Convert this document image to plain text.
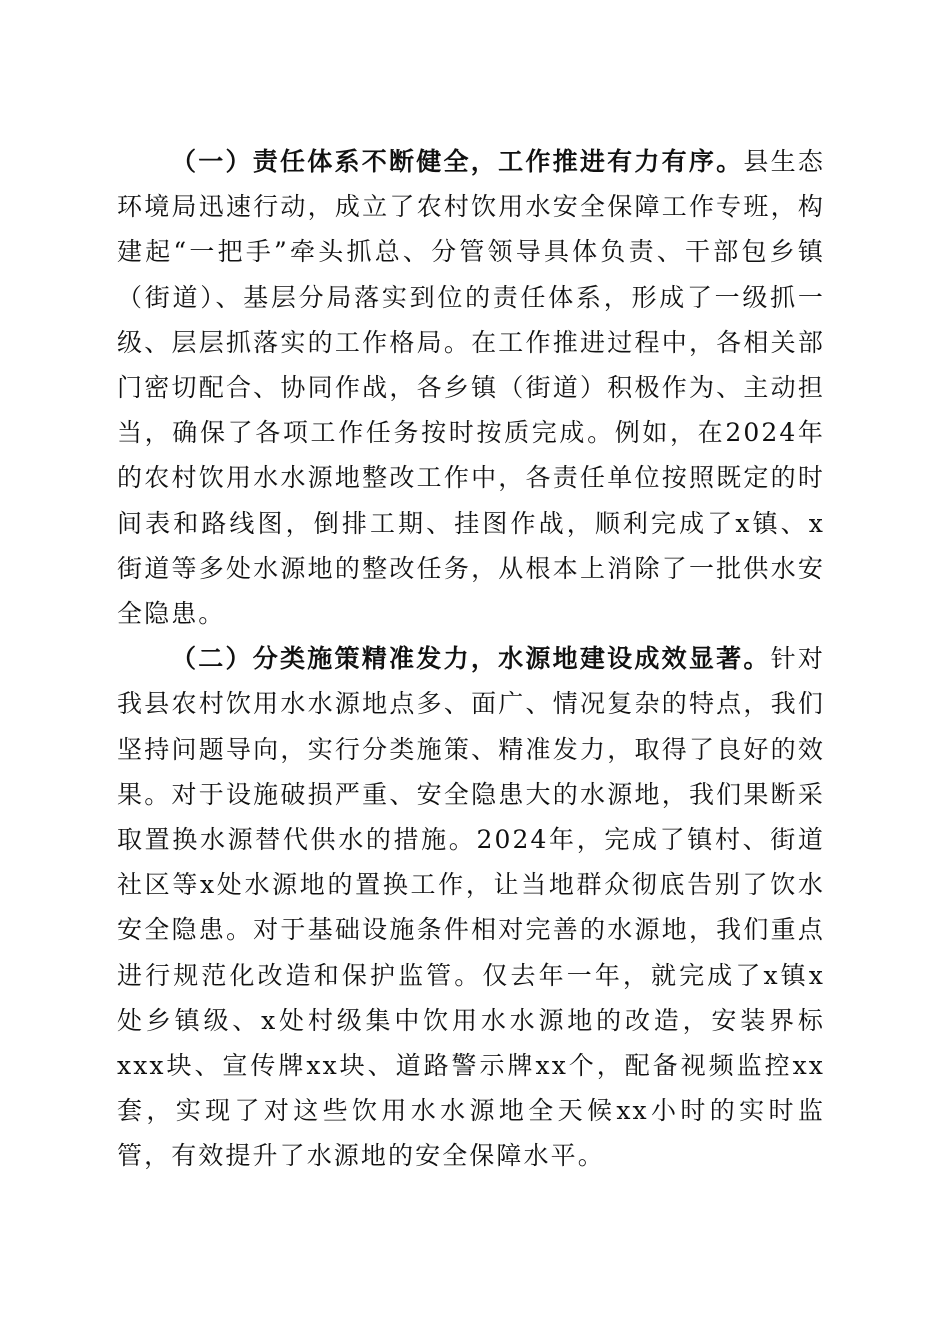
（一）责任体系不断健全，工作推进有力有序。县生态环境局迅速行动，成立了农村饮用水安全保障工作专班，构建起“一把手”牵头抓总、分管领导具体负责、干部包乡镇（街道）、基层分局落实到位的责任体系，形成了一级抓一级、层层抓落实的工作格局。在工作推进过程中，各相关部门密切配合、协同作战，各乡镇（街道）积极作为、主动担当，确保了各项工作任务按时按质完成。例如，在2024年的农村饮用水水源地整改工作中，各责任单位按照既定的时间表和路线图，倒排工期、挂图作战，顺利完成了x镇、x街道等多处水源地的整改任务，从根本上消除了一批供水安全隐患。

（二）分类施策精准发力，水源地建设成效显著。针对我县农村饮用水水源地点多、面广、情况复杂的特点，我们坚持问题导向，实行分类施策、精准发力，取得了良好的效果。对于设施破损严重、安全隐患大的水源地，我们果断采取置换水源替代供水的措施。2024年，完成了镇村、街道社区等x处水源地的置换工作，让当地群众彻底告别了饮水安全隐患。对于基础设施条件相对完善的水源地，我们重点进行规范化改造和保护监管。仅去年一年，就完成了x镇x处乡镇级、x处村级集中饮用水水源地的改造，安装界标xxx块、宣传牌xx块、道路警示牌xx个，配备视频监控xx套，实现了对这些饮用水水源地全天候xx小时的实时监管，有效提升了水源地的安全保障水平。
